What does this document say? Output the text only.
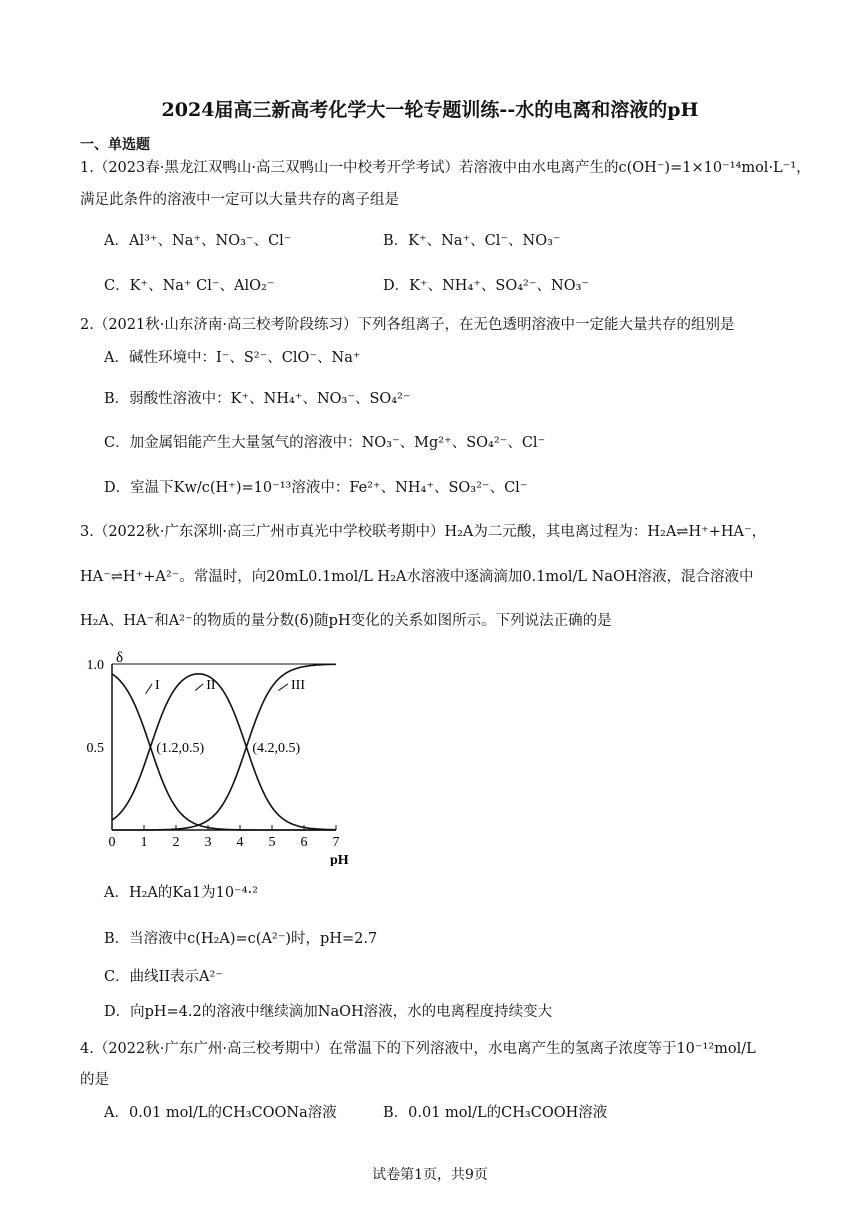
2024届高三新高考化学大一轮专题训练--水的电离和溶液的pH
一、单选题
1.（2023春·黑龙江双鸭山·高三双鸭山一中校考开学考试）若溶液中由水电离产生的c(OH⁻)=1×10⁻¹⁴mol·L⁻¹，
满足此条件的溶液中一定可以大量共存的离子组是
A．Al³⁺、Na⁺、NO₃⁻、Cl⁻	B．K⁺、Na⁺、Cl⁻、NO₃⁻
C．K⁺、Na⁺ Cl⁻、AlO₂⁻	D．K⁺、NH₄⁺、SO₄²⁻、NO₃⁻
2.（2021秋·山东济南·高三校考阶段练习）下列各组离子，在无色透明溶液中一定能大量共存的组别是
A．碱性环境中：I⁻、S²⁻、ClO⁻、Na⁺
B．弱酸性溶液中：K⁺、NH₄⁺、NO₃⁻、SO₄²⁻
C．加金属铝能产生大量氢气的溶液中：NO₃⁻、Mg²⁺、SO₄²⁻、Cl⁻
D．室温下Kw/c(H⁺)=10⁻¹³溶液中：Fe²⁺、NH₄⁺、SO₃²⁻、Cl⁻
3.（2022秋·广东深圳·高三广州市真光中学校联考期中）H₂A为二元酸，其电离过程为：H₂A⇌H⁺+HA⁻，
HA⁻⇌H⁺+A²⁻。常温时，向20mL0.1mol/L H₂A水溶液中逐滴滴加0.1mol/L NaOH溶液，混合溶液中
H₂A、HA⁻和A²⁻的物质的量分数(δ)随pH变化的关系如图所示。下列说法正确的是
0 1 2 3 4 5 6 7
0.5
1.0 δ
pH
I	II	III
(1.2,0.5)	(4.2,0.5)
A．H₂A的Ka1为10⁻⁴·²
B．当溶液中c(H₂A)=c(A²⁻)时，pH=2.7
C．曲线II表示A²⁻
D．向pH=4.2的溶液中继续滴加NaOH溶液，水的电离程度持续变大
4.（2022秋·广东广州·高三校考期中）在常温下的下列溶液中，水电离产生的氢离子浓度等于10⁻¹²mol/L
的是
A．0.01 mol/L的CH₃COONa溶液	B．0.01 mol/L的CH₃COOH溶液
试卷第1页，共9页
